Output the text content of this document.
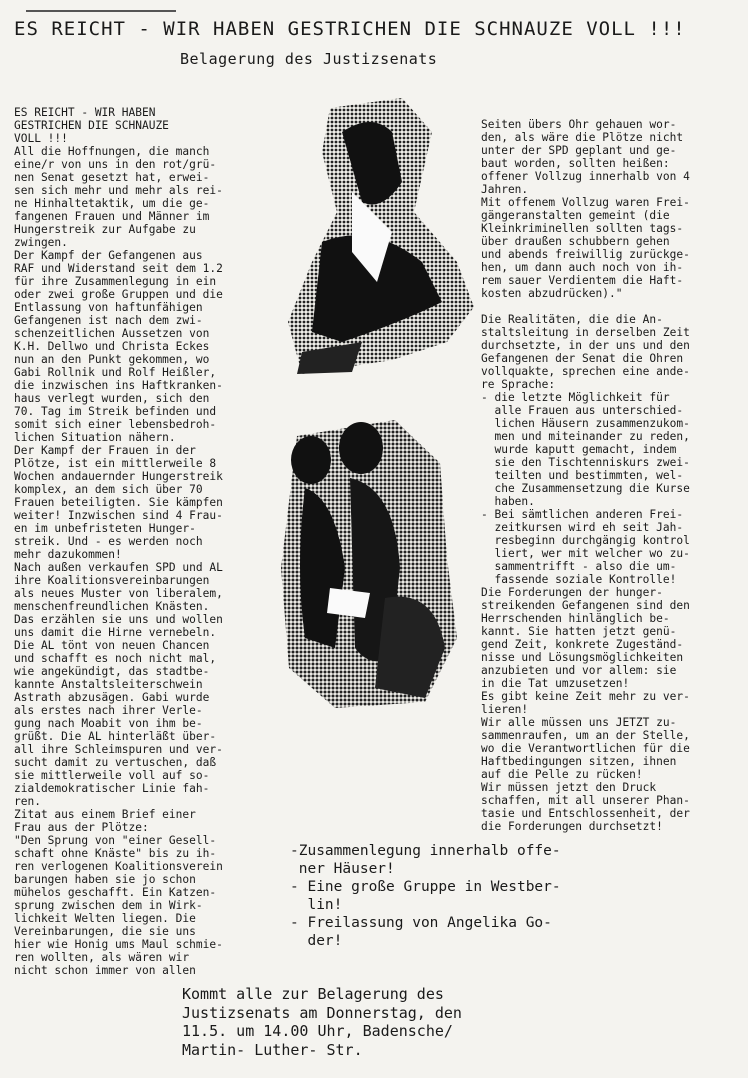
ES REICHT - WIR HABEN GESTRICHEN DIE SCHNAUZE VOLL !!!
Belagerung des Justizsenats

ES REICHT - WIR HABEN
GESTRICHEN DIE SCHNAUZE
VOLL !!!
All die Hoffnungen, die manch
eine/r von uns in den rot/grü-
nen Senat gesetzt hat, erwei-
sen sich mehr und mehr als rei-
ne Hinhaltetaktik, um die ge-
fangenen Frauen und Männer im
Hungerstreik zur Aufgabe zu
zwingen.
Der Kampf der Gefangenen aus
RAF und Widerstand seit dem 1.2
für ihre Zusammenlegung in ein
oder zwei große Gruppen und die
Entlassung von haftunfähigen
Gefangenen ist nach dem zwi-
schenzeitlichen Aussetzen von
K.H. Dellwo und Christa Eckes
nun an den Punkt gekommen, wo
Gabi Rollnik und Rolf Heißler,
die inzwischen ins Haftkranken-
haus verlegt wurden, sich den
70. Tag im Streik befinden und
somit sich einer lebensbedroh-
lichen Situation nähern.
Der Kampf der Frauen in der
Plötze, ist ein mittlerweile 8
Wochen andauernder Hungerstreik
komplex, an dem sich über 70
Frauen beteiligten. Sie kämpfen
weiter! Inzwischen sind 4 Frau-
en im unbefristeten Hunger-
streik. Und - es werden noch
mehr dazukommen!
Nach außen verkaufen SPD und AL
ihre Koalitionsvereinbarungen
als neues Muster von liberalem,
menschenfreundlichen Knästen.
Das erzählen sie uns und wollen
uns damit die Hirne vernebeln.
Die AL tönt von neuen Chancen
und schafft es noch nicht mal,
wie angekündigt, das stadtbe-
kannte Anstaltsleiterschwein
Astrath abzusägen. Gabi wurde
als erstes nach ihrer Verle-
gung nach Moabit von ihm be-
grüßt. Die AL hinterläßt über-
all ihre Schleimspuren und ver-
sucht damit zu vertuschen, daß
sie mittlerweile voll auf so-
zialdemokratischer Linie fah-
ren.
Zitat aus einem Brief einer
Frau aus der Plötze:
"Den Sprung von "einer Gesell-
schaft ohne Knäste" bis zu ih-
ren verlogenen Koalitionsverein
barungen haben sie jo schon
mühelos geschafft. Ein Katzen-
sprung zwischen dem in Wirk-
lichkeit Welten liegen. Die
Vereinbarungen, die sie uns
hier wie Honig ums Maul schmie-
ren wollten, als wären wir
nicht schon immer von allen

Seiten übers Ohr gehauen wor-
den, als wäre die Plötze nicht
unter der SPD geplant und ge-
baut worden, sollten heißen:
offener Vollzug innerhalb von 4
Jahren.
Mit offenem Vollzug waren Frei-
gängeranstalten gemeint (die
Kleinkriminellen sollten tags-
über draußen schubbern gehen
und abends freiwillig zurückge-
hen, um dann auch noch von ih-
rem sauer Verdientem die Haft-
kosten abzudrücken)."

Die Realitäten, die die An-
staltsleitung in derselben Zeit
durchsetzte, in der uns und den
Gefangenen der Senat die Ohren
vollquakte, sprechen eine ande-
re Sprache:
- die letzte Möglichkeit für
alle Frauen aus unterschied-
lichen Häusern zusammenzukom-
men und miteinander zu reden,
wurde kaputt gemacht, indem
sie den Tischtenniskurs zwei-
teilten und bestimmten, wel-
che Zusammensetzung die Kurse
haben.
- Bei sämtlichen anderen Frei-
zeitkursen wird eh seit Jah-
resbeginn durchgängig kontrol
liert, wer mit welcher wo zu-
sammentrifft - also die um-
fassende soziale Kontrolle!
Die Forderungen der hunger-
streikenden Gefangenen sind den
Herrschenden hinlänglich be-
kannt. Sie hatten jetzt genü-
gend Zeit, konkrete Zugeständ-
nisse und Lösungsmöglichkeiten
anzubieten und vor allem: sie
in die Tat umzusetzen!
Es gibt keine Zeit mehr zu ver-
lieren!
Wir alle müssen uns JETZT zu-
sammenraufen, um an der Stelle,
wo die Verantwortlichen für die
Haftbedingungen sitzen, ihnen
auf die Pelle zu rücken!
Wir müssen jetzt den Druck
schaffen, mit all unserer Phan-
tasie und Entschlossenheit, der
die Forderungen durchsetzt!

-Zusammenlegung innerhalb offe-
ner Häuser!
- Eine große Gruppe in Westber-
lin!
- Freilassung von Angelika Go-
der!

Kommt alle zur Belagerung des
Justizsenats am Donnerstag, den
11.5. um 14.00 Uhr, Badensche/
Martin- Luther- Str.
